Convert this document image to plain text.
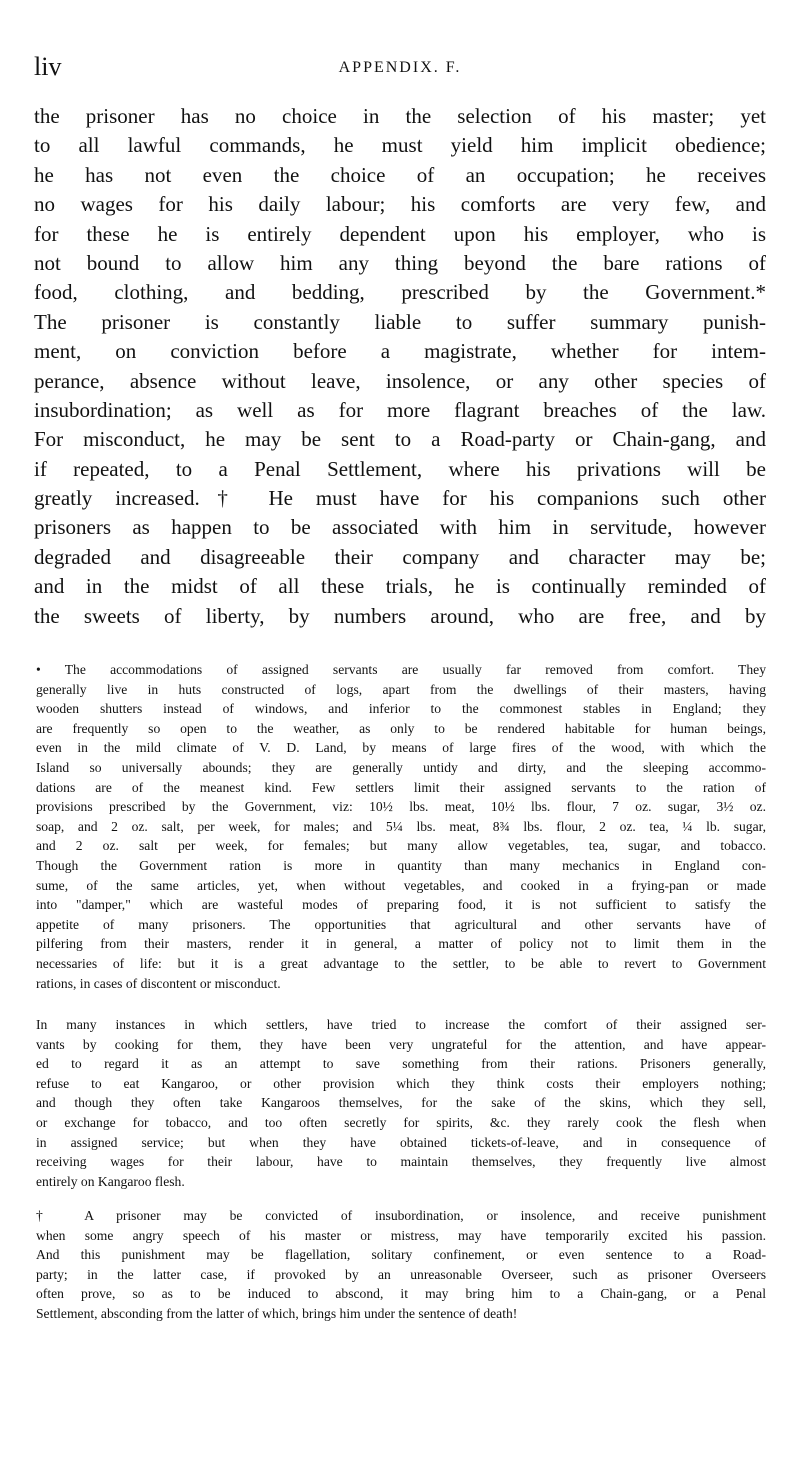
liv	APPENDIX. F.
the prisoner has no choice in the selection of his master; yet
to all lawful commands, he must yield him implicit obedience;
he has not even the choice of an occupation; he receives
no wages for his daily labour; his comforts are very few, and
for these he is entirely dependent upon his employer, who is
not bound to allow him any thing beyond the bare rations of
food, clothing, and bedding, prescribed by the Government.*
The prisoner is constantly liable to suffer summary punish-
ment, on conviction before a magistrate, whether for intem-
perance, absence without leave, insolence, or any other species of
insubordination; as well as for more flagrant breaches of the law.
For misconduct, he may be sent to a Road-party or Chain-gang, and
if repeated, to a Penal Settlement, where his privations will be
greatly increased.† He must have for his companions such other
prisoners as happen to be associated with him in servitude, however
degraded and disagreeable their company and character may be;
and in the midst of all these trials, he is continually reminded of
the sweets of liberty, by numbers around, who are free, and by
• The accommodations of assigned servants are usually far removed from comfort. They
generally live in huts constructed of logs, apart from the dwellings of their masters, having
wooden shutters instead of windows, and inferior to the commonest stables in England; they
are frequently so open to the weather, as only to be rendered habitable for human beings,
even in the mild climate of V. D. Land, by means of large fires of the wood, with which the
Island so universally abounds; they are generally untidy and dirty, and the sleeping accommo-
dations are of the meanest kind. Few settlers limit their assigned servants to the ration of
provisions prescribed by the Government, viz: 10½ lbs. meat, 10½ lbs. flour, 7 oz. sugar, 3½ oz.
soap, and 2 oz. salt, per week, for males; and 5¼ lbs. meat, 8¾ lbs. flour, 2 oz. tea, ¼ lb. sugar,
and 2 oz. salt per week, for females; but many allow vegetables, tea, sugar, and tobacco.
Though the Government ration is more in quantity than many mechanics in England con-
sume, of the same articles, yet, when without vegetables, and cooked in a frying-pan or made
into "damper," which are wasteful modes of preparing food, it is not sufficient to satisfy the
appetite of many prisoners. The opportunities that agricultural and other servants have of
pilfering from their masters, render it in general, a matter of policy not to limit them in the
necessaries of life: but it is a great advantage to the settler, to be able to revert to Government
rations, in cases of discontent or misconduct.
In many instances in which settlers, have tried to increase the comfort of their assigned ser-
vants by cooking for them, they have been very ungrateful for the attention, and have appear-
ed to regard it as an attempt to save something from their rations. Prisoners generally,
refuse to eat Kangaroo, or other provision which they think costs their employers nothing;
and though they often take Kangaroos themselves, for the sake of the skins, which they sell,
or exchange for tobacco, and too often secretly for spirits, &c. they rarely cook the flesh when
in assigned service; but when they have obtained tickets-of-leave, and in consequence of
receiving wages for their labour, have to maintain themselves, they frequently live almost
entirely on Kangaroo flesh.
† A prisoner may be convicted of insubordination, or insolence, and receive punishment
when some angry speech of his master or mistress, may have temporarily excited his passion.
And this punishment may be flagellation, solitary confinement, or even sentence to a Road-
party; in the latter case, if provoked by an unreasonable Overseer, such as prisoner Overseers
often prove, so as to be induced to abscond, it may bring him to a Chain-gang, or a Penal
Settlement, absconding from the latter of which, brings him under the sentence of death!
